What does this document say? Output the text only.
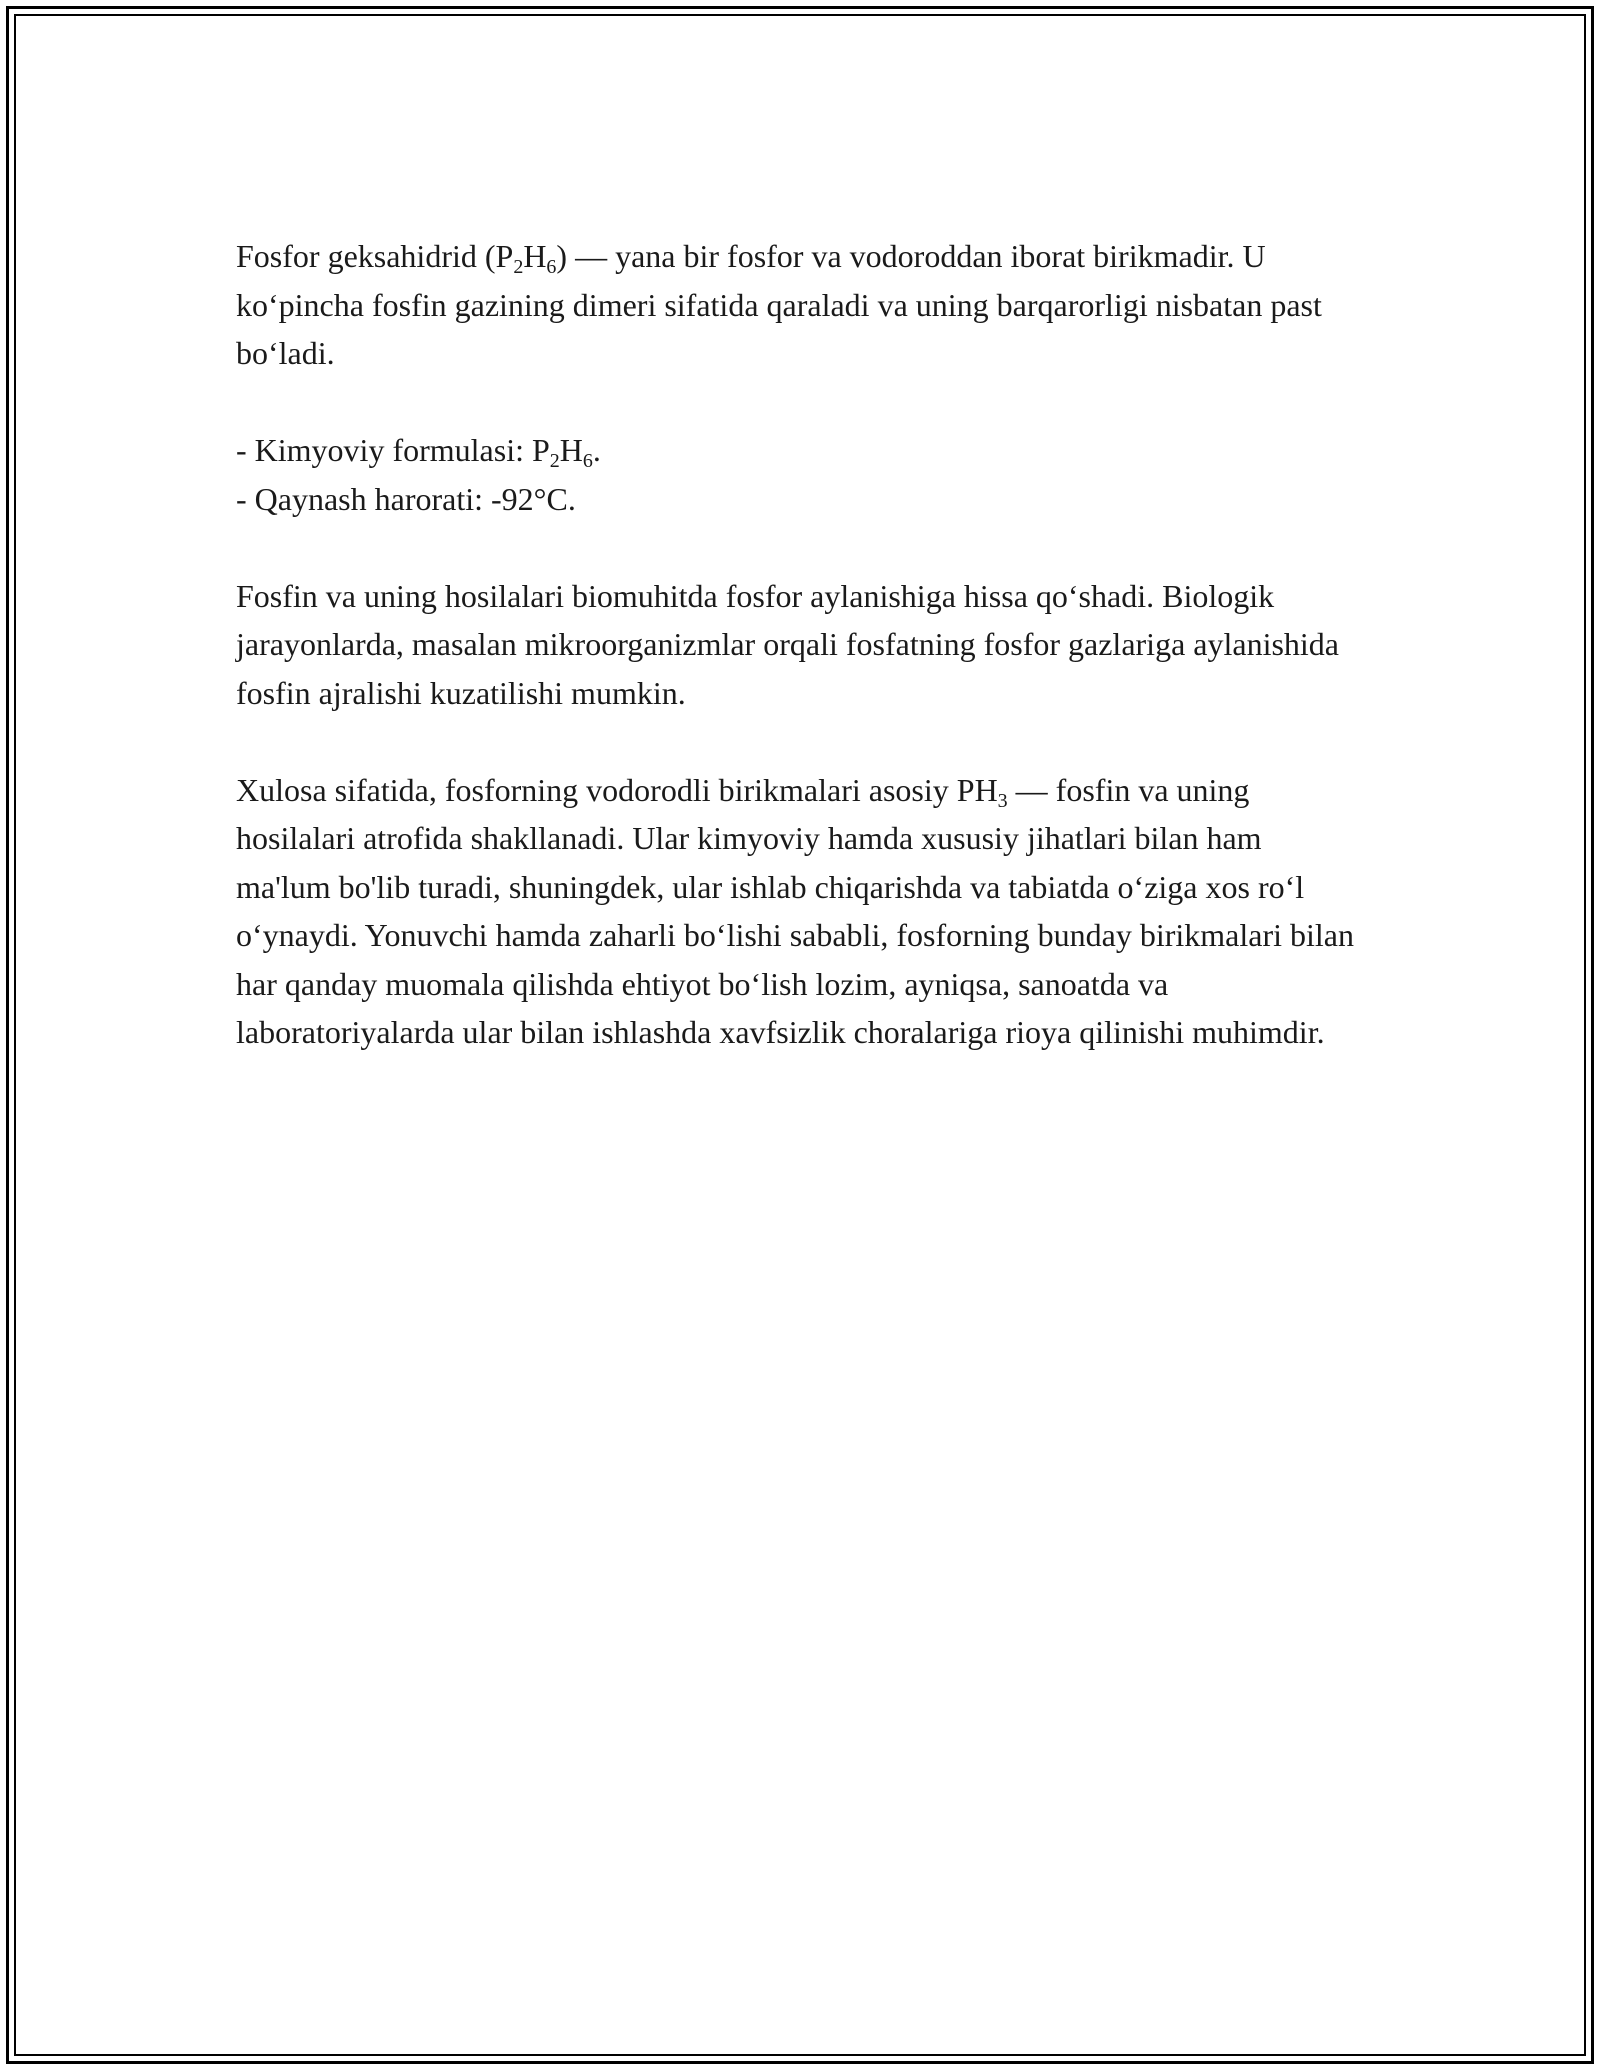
Fosfor geksahidrid $(P_2H_6)$ — yana bir fosfor va vodoroddan iborat birikmadir. U ko‘pincha fosfin gazining dimeri sifatida qaraladi va uning barqarorligi nisbatan past bo‘ladi.

- Kimyoviy formulasi: $P_2H_6$.
- Qaynash harorati: -92°C.

Fosfin va uning hosilalari biomuhitda fosfor aylanishiga hissa qo‘shadi. Biologik jarayonlarda, masalan mikroorganizmlar orqali fosfatning fosfor gazlariga aylanishida fosfin ajralishi kuzatilishi mumkin.

Xulosa sifatida, fosforning vodorodli birikmalari asosiy $PH_3$ — fosfin va uning hosilalari atrofida shakllanadi. Ular kimyoviy hamda xususiy jihatlari bilan ham ma'lum bo'lib turadi, shuningdek, ular ishlab chiqarishda va tabiatda o‘ziga xos ro‘l o‘ynaydi. Yonuvchi hamda zaharli bo‘lishi sababli, fosforning bunday birikmalari bilan har qanday muomala qilishda ehtiyot bo‘lish lozim, ayniqsa, sanoatda va laboratoriyalarda ular bilan ishlashda xavfsizlik choralariga rioya qilinishi muhimdir.
